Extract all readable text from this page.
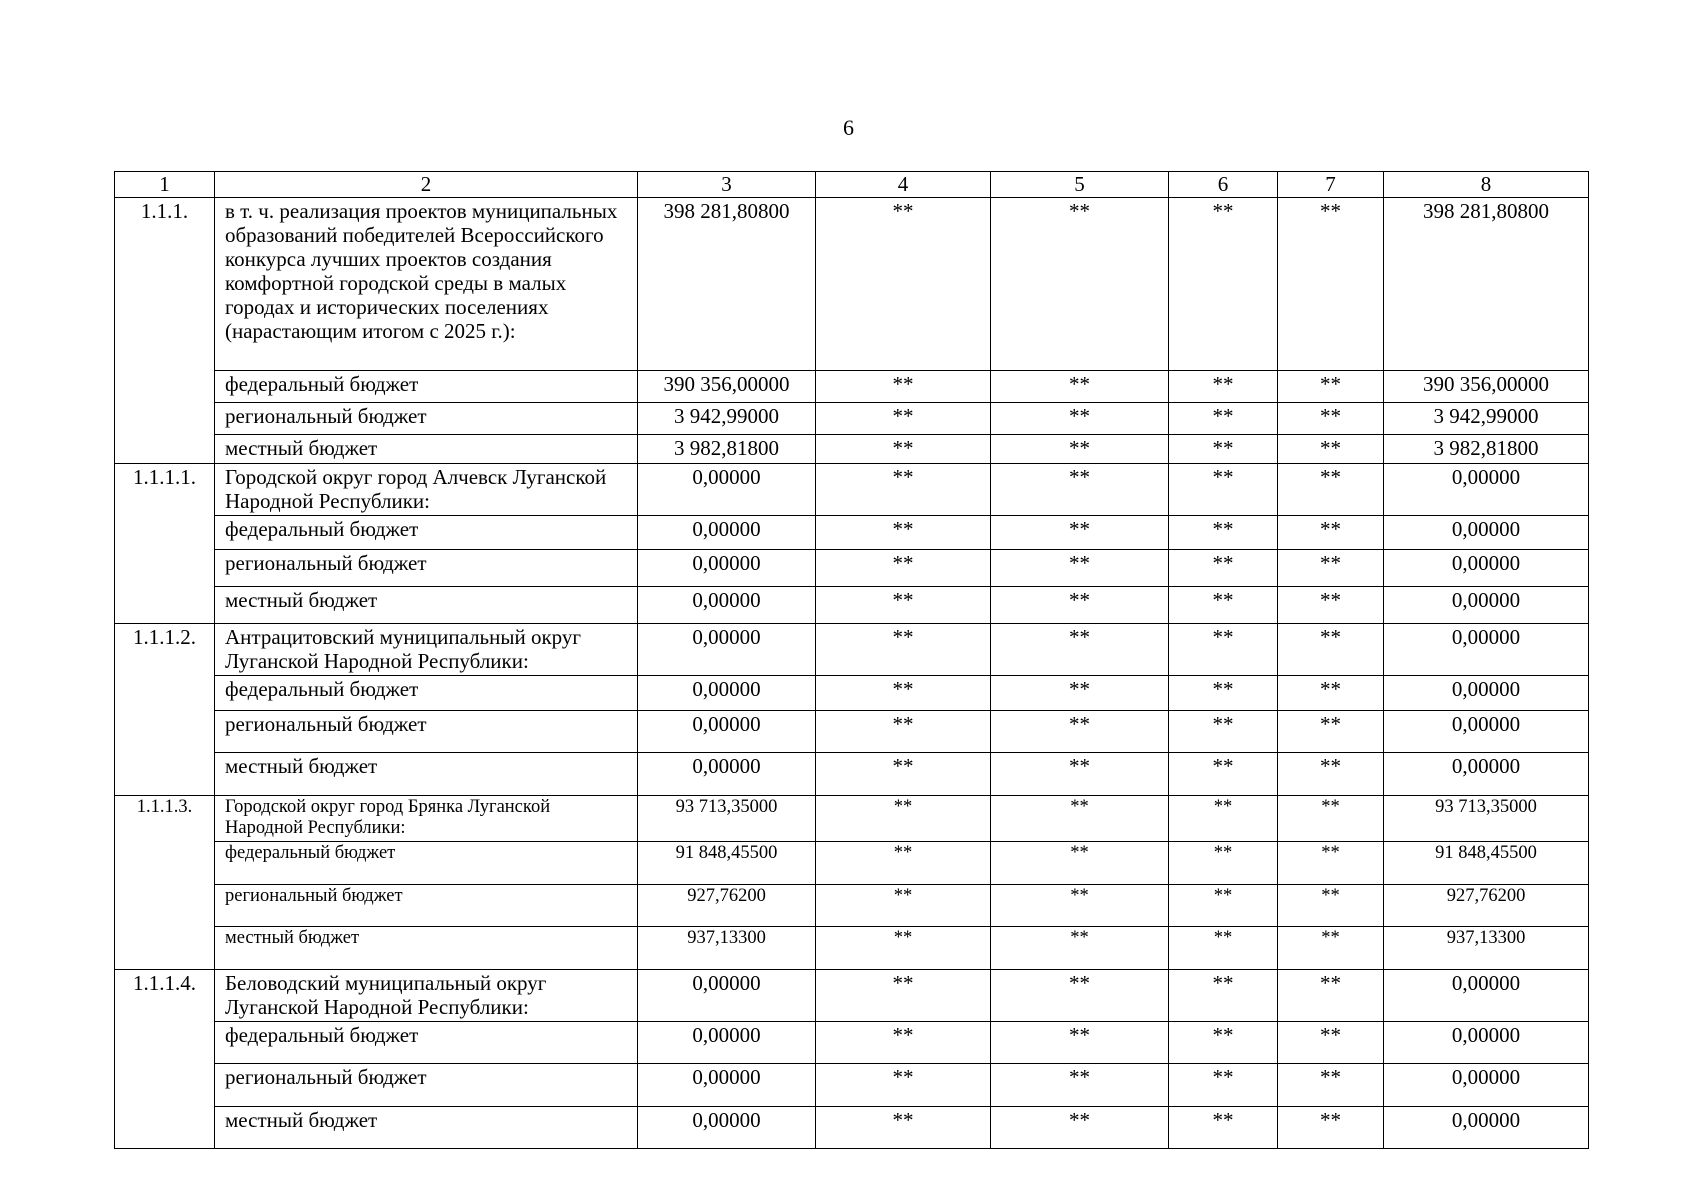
6
1	2	3	4	5	6	7	8
1.1.1.	в т. ч. реализация проектов муниципальных образований победителей Всероссийского конкурса лучших проектов создания комфортной городской среды в малых городах и исторических поселениях (нарастающим итогом с 2025 г.):	398 281,80800	**	**	**	**	398 281,80800
	федеральный бюджет	390 356,00000	**	**	**	**	390 356,00000
	региональный бюджет	3 942,99000	**	**	**	**	3 942,99000
	местный бюджет	3 982,81800	**	**	**	**	3 982,81800
1.1.1.1.	Городской округ город Алчевск Луганской Народной Республики:	0,00000	**	**	**	**	0,00000
	федеральный бюджет	0,00000	**	**	**	**	0,00000
	региональный бюджет	0,00000	**	**	**	**	0,00000
	местный бюджет	0,00000	**	**	**	**	0,00000
1.1.1.2.	Антрацитовский муниципальный округ Луганской Народной Республики:	0,00000	**	**	**	**	0,00000
	федеральный бюджет	0,00000	**	**	**	**	0,00000
	региональный бюджет	0,00000	**	**	**	**	0,00000
	местный бюджет	0,00000	**	**	**	**	0,00000
1.1.1.3.	Городской округ город Брянка Луганской Народной Республики:	93 713,35000	**	**	**	**	93 713,35000
	федеральный бюджет	91 848,45500	**	**	**	**	91 848,45500
	региональный бюджет	927,76200	**	**	**	**	927,76200
	местный бюджет	937,13300	**	**	**	**	937,13300
1.1.1.4.	Беловодский муниципальный округ Луганской Народной Республики:	0,00000	**	**	**	**	0,00000
	федеральный бюджет	0,00000	**	**	**	**	0,00000
	региональный бюджет	0,00000	**	**	**	**	0,00000
	местный бюджет	0,00000	**	**	**	**	0,00000
